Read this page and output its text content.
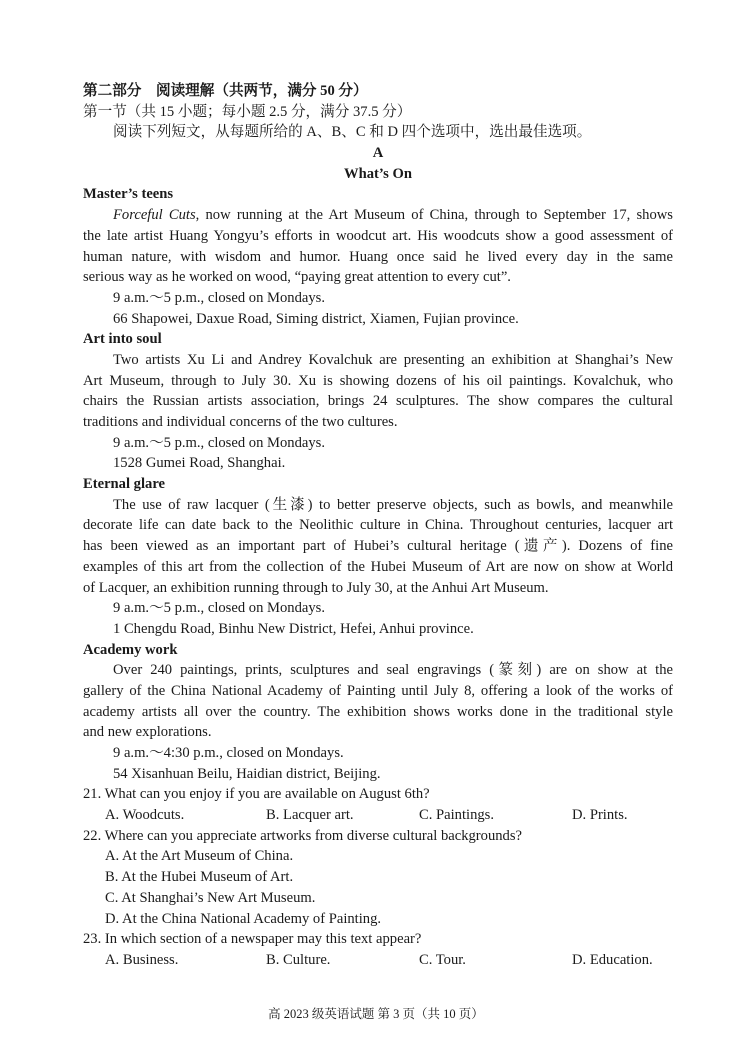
第二部分　阅读理解（共两节，满分 50 分）
第一节（共 15 小题；每小题 2.5 分，满分 37.5 分）
阅读下列短文，从每题所给的 A、B、C 和 D 四个选项中，选出最佳选项。
A
What’s On
Master’s teens
Forceful Cuts, now running at the Art Museum of China, through to September 17, shows
the late artist Huang Yongyu’s efforts in woodcut art. His woodcuts show a good assessment of
human nature, with wisdom and humor. Huang once said he lived every day in the same
serious way as he worked on wood, “paying great attention to every cut”.
9 a.m.～5 p.m., closed on Mondays.
66 Shapowei, Daxue Road, Siming district, Xiamen, Fujian province.
Art into soul
Two artists Xu Li and Andrey Kovalchuk are presenting an exhibition at Shanghai’s New
Art Museum, through to July 30. Xu is showing dozens of his oil paintings. Kovalchuk, who
chairs the Russian artists association, brings 24 sculptures. The show compares the cultural
traditions and individual concerns of the two cultures.
9 a.m.～5 p.m., closed on Mondays.
1528 Gumei Road, Shanghai.
Eternal glare
The use of raw lacquer (生漆) to better preserve objects, such as bowls, and meanwhile
decorate life can date back to the Neolithic culture in China. Throughout centuries, lacquer art
has been viewed as an important part of Hubei’s cultural heritage (遗产). Dozens of fine
examples of this art from the collection of the Hubei Museum of Art are now on show at World
of Lacquer, an exhibition running through to July 30, at the Anhui Art Museum.
9 a.m.～5 p.m., closed on Mondays.
1 Chengdu Road, Binhu New District, Hefei, Anhui province.
Academy work
Over 240 paintings, prints, sculptures and seal engravings (篆刻) are on show at the
gallery of the China National Academy of Painting until July 8, offering a look of the works of
academy artists all over the country. The exhibition shows works done in the traditional style
and new explorations.
9 a.m.～4:30 p.m., closed on Mondays.
54 Xisanhuan Beilu, Haidian district, Beijing.
21. What can you enjoy if you are available on August 6th?
A. Woodcuts.	B. Lacquer art.	C. Paintings.	D. Prints.
22. Where can you appreciate artworks from diverse cultural backgrounds?
A. At the Art Museum of China.
B. At the Hubei Museum of Art.
C. At Shanghai’s New Art Museum.
D. At the China National Academy of Painting.
23. In which section of a newspaper may this text appear?
A. Business.	B. Culture.	C. Tour.	D. Education.
高 2023 级英语试题 第 3 页（共 10 页）
